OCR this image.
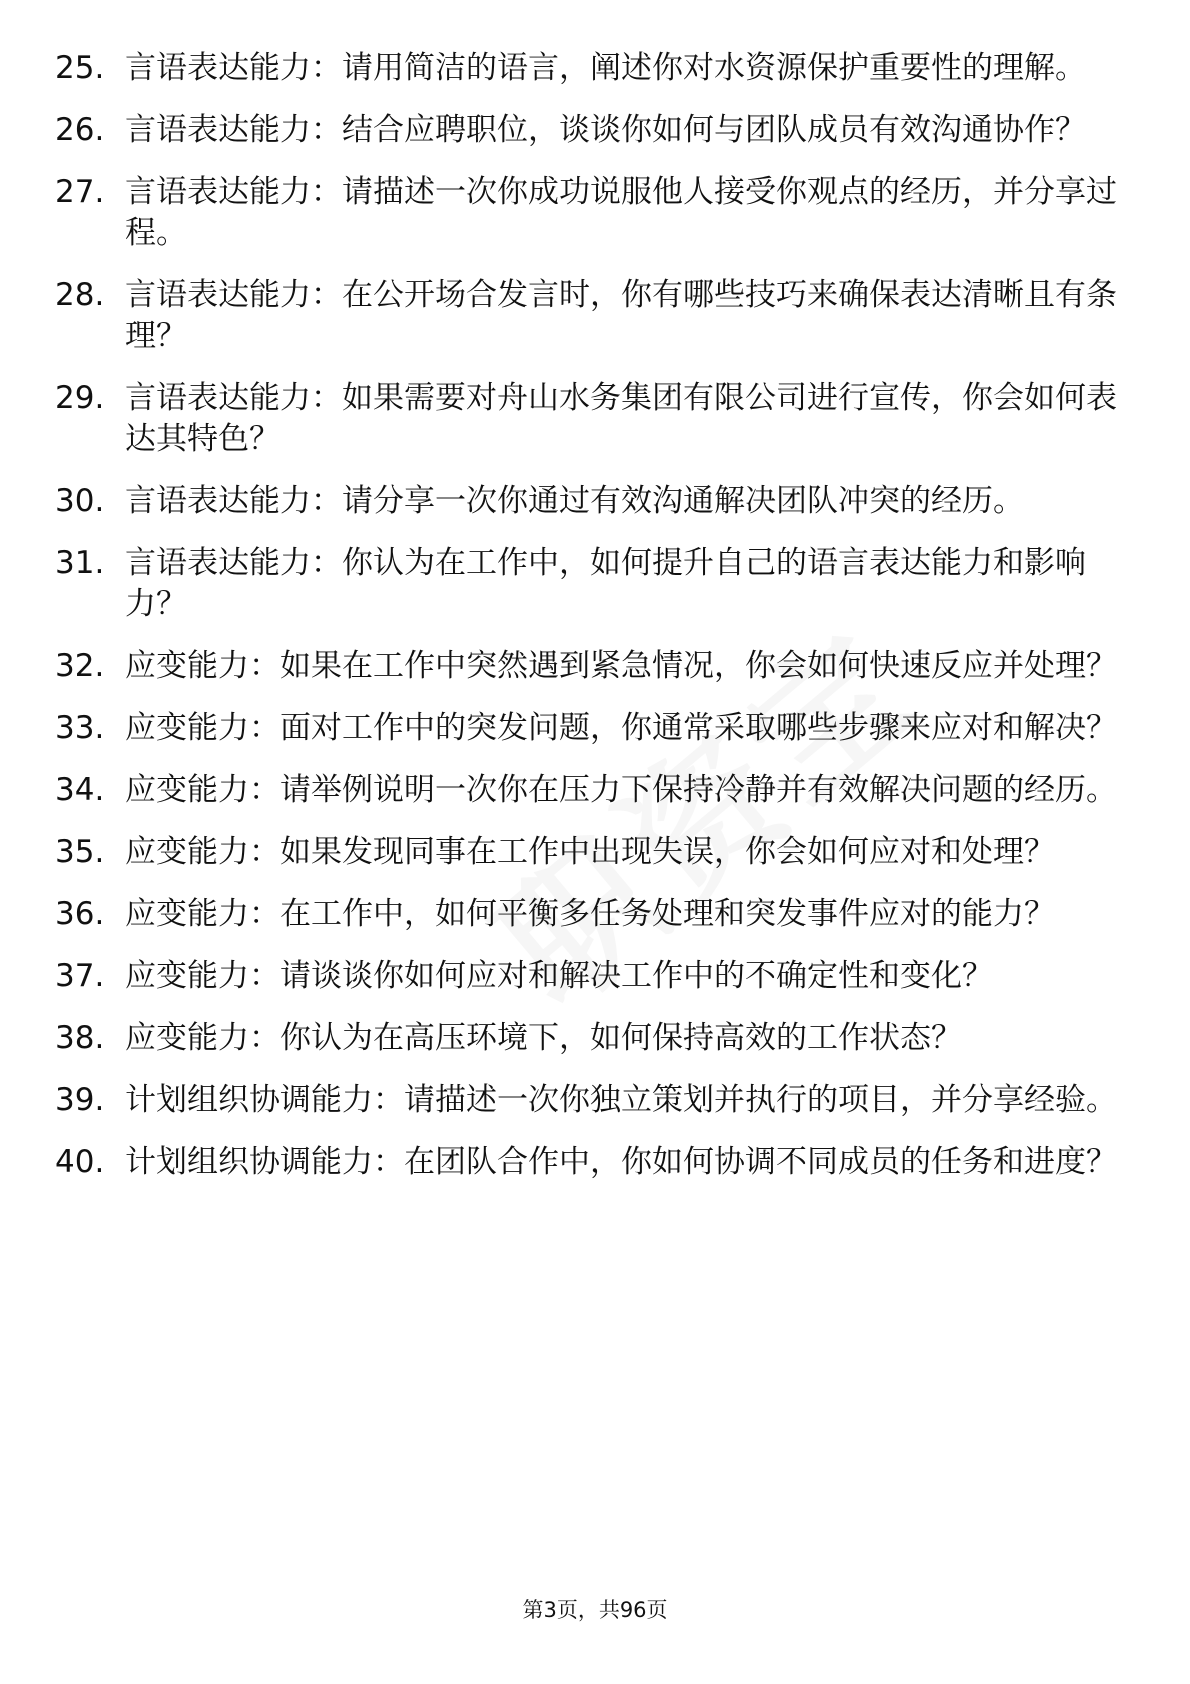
25. 言语表达能力：请用简洁的语言，阐述你对水资源保护重要性的理解。
26. 言语表达能力：结合应聘职位，谈谈你如何与团队成员有效沟通协作？
27. 言语表达能力：请描述一次你成功说服他人接受你观点的经历，并分享过程。
28. 言语表达能力：在公开场合发言时，你有哪些技巧来确保表达清晰且有条理？
29. 言语表达能力：如果需要对舟山水务集团有限公司进行宣传，你会如何表达其特色？
30. 言语表达能力：请分享一次你通过有效沟通解决团队冲突的经历。
31. 言语表达能力：你认为在工作中，如何提升自己的语言表达能力和影响力？
32. 应变能力：如果在工作中突然遇到紧急情况，你会如何快速反应并处理？
33. 应变能力：面对工作中的突发问题，你通常采取哪些步骤来应对和解决？
34. 应变能力：请举例说明一次你在压力下保持冷静并有效解决问题的经历。
35. 应变能力：如果发现同事在工作中出现失误，你会如何应对和处理？
36. 应变能力：在工作中，如何平衡多任务处理和突发事件应对的能力？
37. 应变能力：请谈谈你如何应对和解决工作中的不确定性和变化？
38. 应变能力：你认为在高压环境下，如何保持高效的工作状态？
39. 计划组织协调能力：请描述一次你独立策划并执行的项目，并分享经验。
40. 计划组织协调能力：在团队合作中，你如何协调不同成员的任务和进度？
第3页，共96页
